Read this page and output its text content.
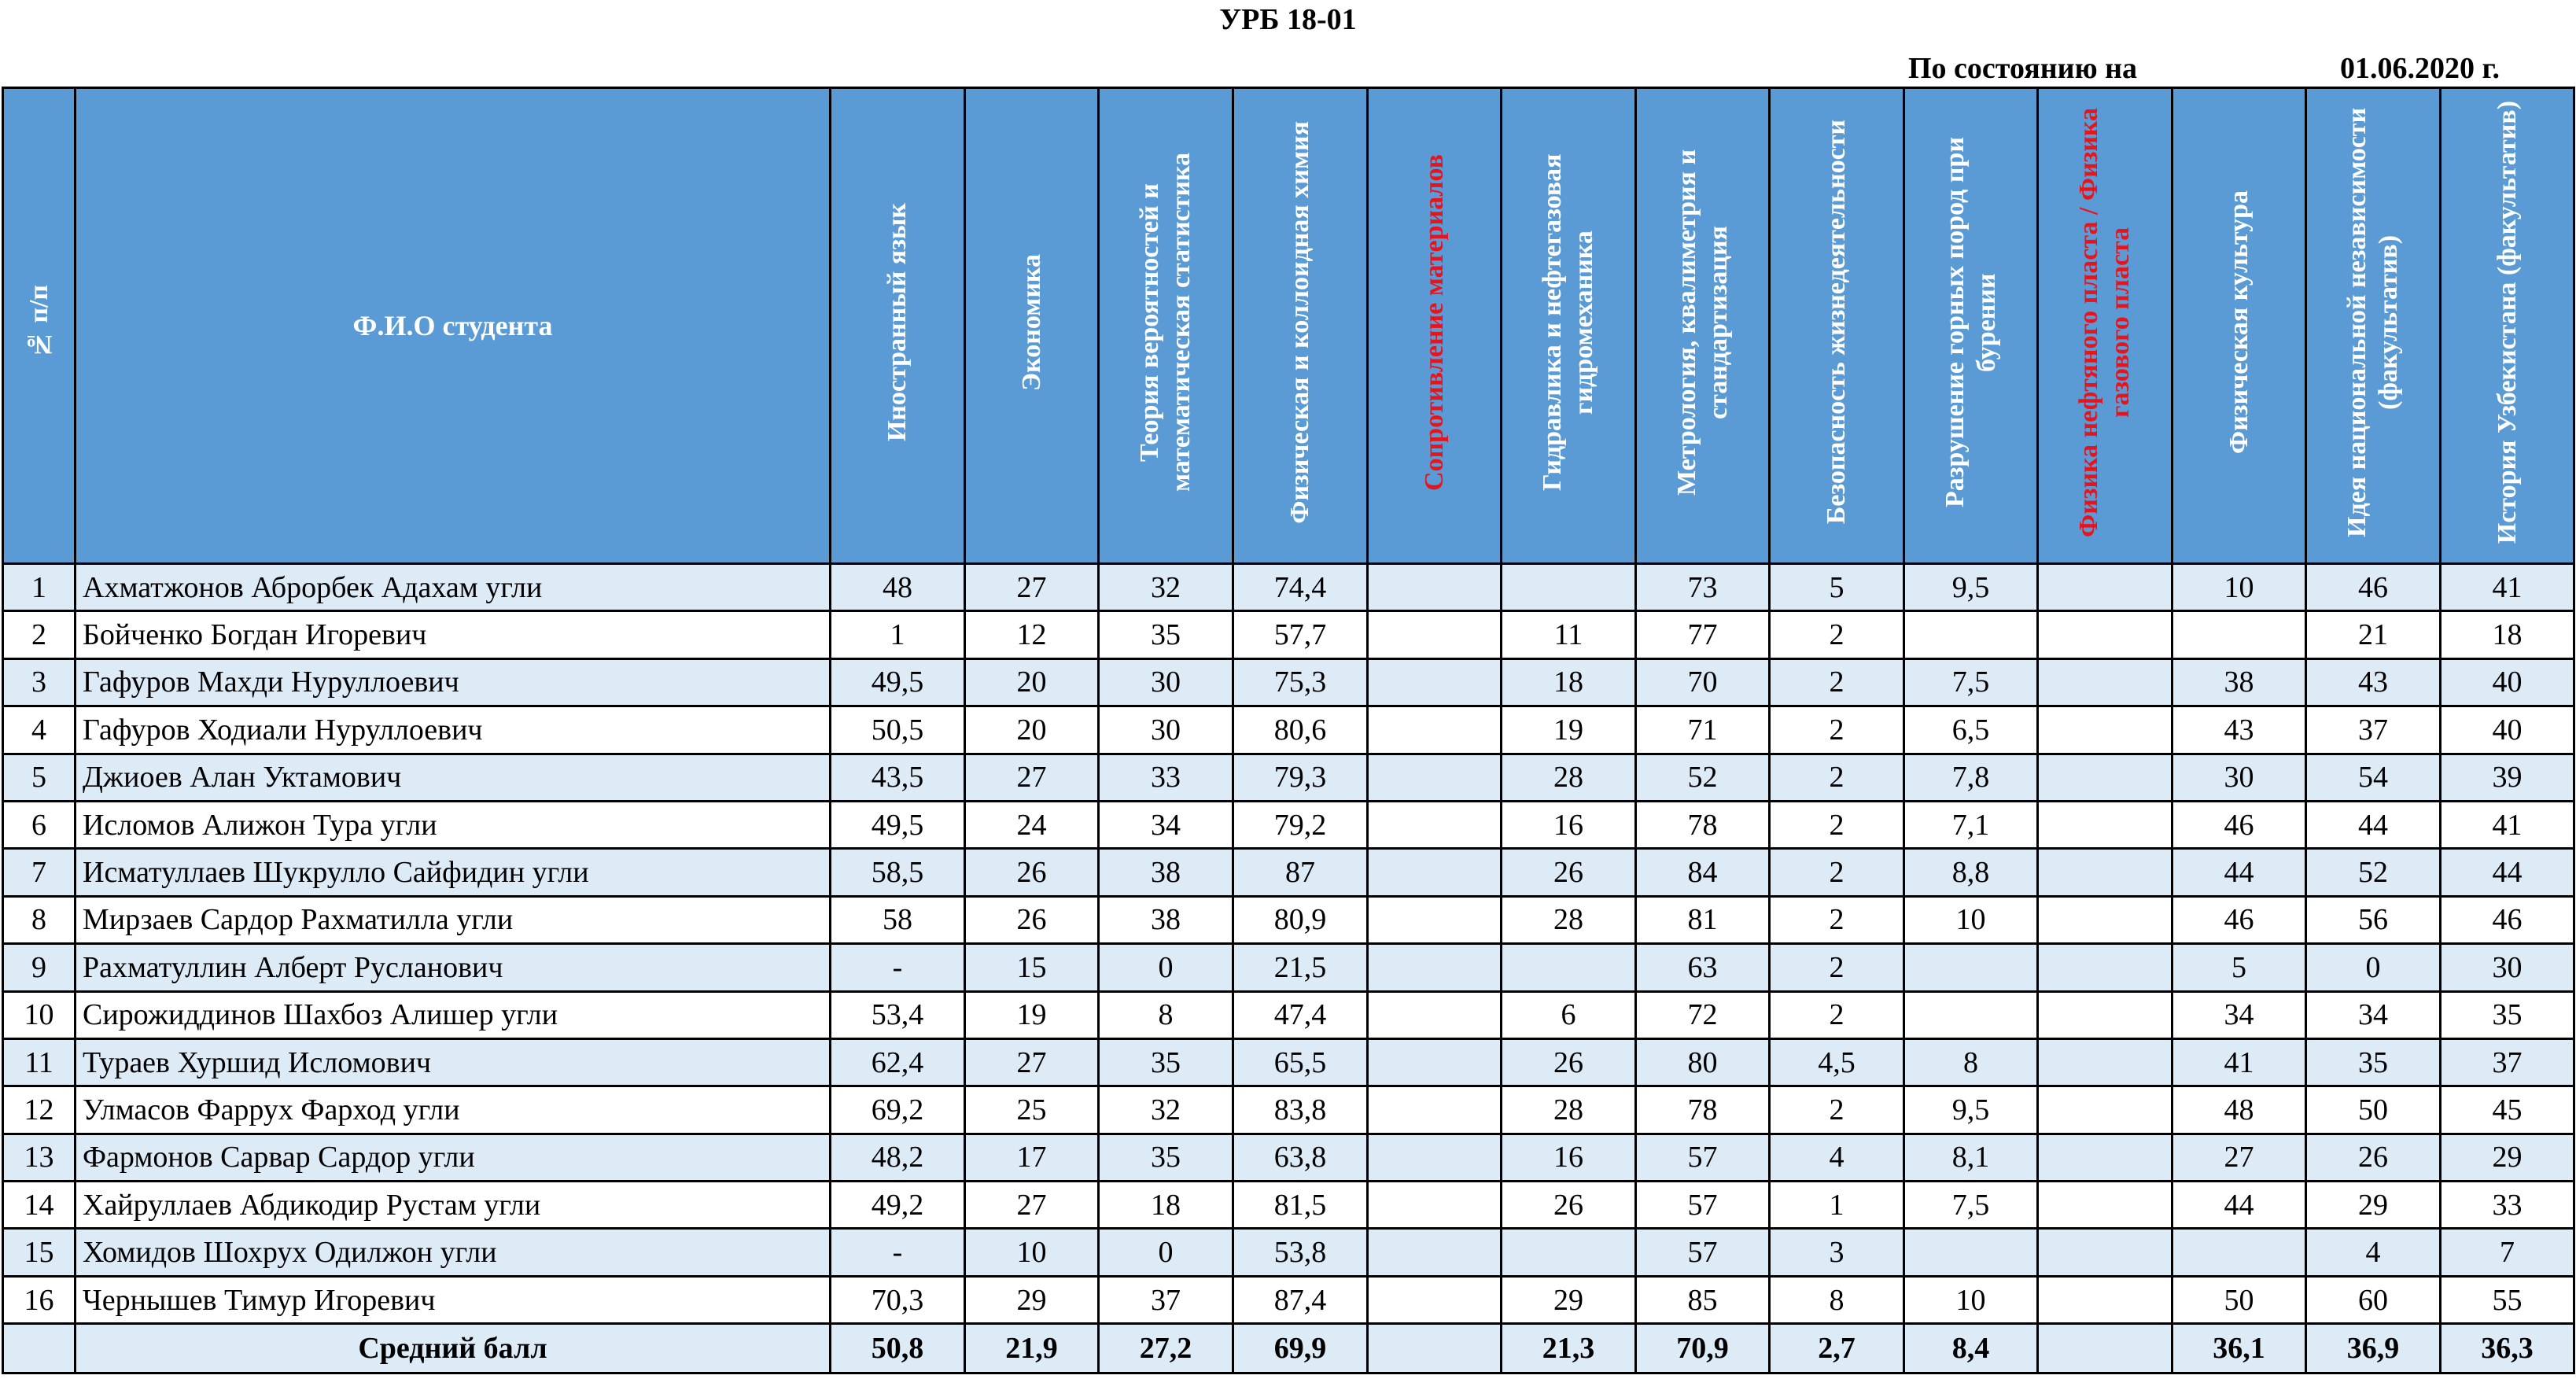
УРБ 18-01
По состоянию на	01.06.2020 г.
№ п/п	Ф.И.О студента	Иностранный язык	Экономика	Теория вероятностей и математическая статистика	Физическая и коллоидная химия	Сопротивление материалов	Гидравлика и нефтегазовая гидромеханика	Метрология, квалиметрия и стандартизация	Безопасность жизнедеятельности	Разрушение горных пород при бурении	Физика нефтяного пласта / Физика газового пласта	Физическая культура	Идея национальной независимости (факультатив)	История Узбекистана (факультатив)
1	Ахматжонов Аброрбек Адахам угли	48	27	32	74,4			73	5	9,5		10	46	41
2	Бойченко Богдан Игоревич	1	12	35	57,7		11	77	2				21	18
3	Гафуров Махди Нуруллоевич	49,5	20	30	75,3		18	70	2	7,5		38	43	40
4	Гафуров Ходиали Нуруллоевич	50,5	20	30	80,6		19	71	2	6,5		43	37	40
5	Джиоев Алан Уктамович	43,5	27	33	79,3		28	52	2	7,8		30	54	39
6	Исломов Алижон Тура угли	49,5	24	34	79,2		16	78	2	7,1		46	44	41
7	Исматуллаев Шукрулло Сайфидин угли	58,5	26	38	87		26	84	2	8,8		44	52	44
8	Мирзаев Сардор Рахматилла угли	58	26	38	80,9		28	81	2	10		46	56	46
9	Рахматуллин Алберт Русланович	-	15	0	21,5			63	2			5	0	30
10	Сирожиддинов Шахбоз Алишер угли	53,4	19	8	47,4		6	72	2			34	34	35
11	Тураев Хуршид Исломович	62,4	27	35	65,5		26	80	4,5	8		41	35	37
12	Улмасов Фаррух Фарход угли	69,2	25	32	83,8		28	78	2	9,5		48	50	45
13	Фармонов Сарвар Сардор угли	48,2	17	35	63,8		16	57	4	8,1		27	26	29
14	Хайруллаев Абдикодир Рустам угли	49,2	27	18	81,5		26	57	1	7,5		44	29	33
15	Хомидов Шохрух Одилжон угли	-	10	0	53,8			57	3				4	7
16	Чернышев Тимур Игоревич	70,3	29	37	87,4		29	85	8	10		50	60	55
	Средний балл	50,8	21,9	27,2	69,9		21,3	70,9	2,7	8,4		36,1	36,9	36,3
